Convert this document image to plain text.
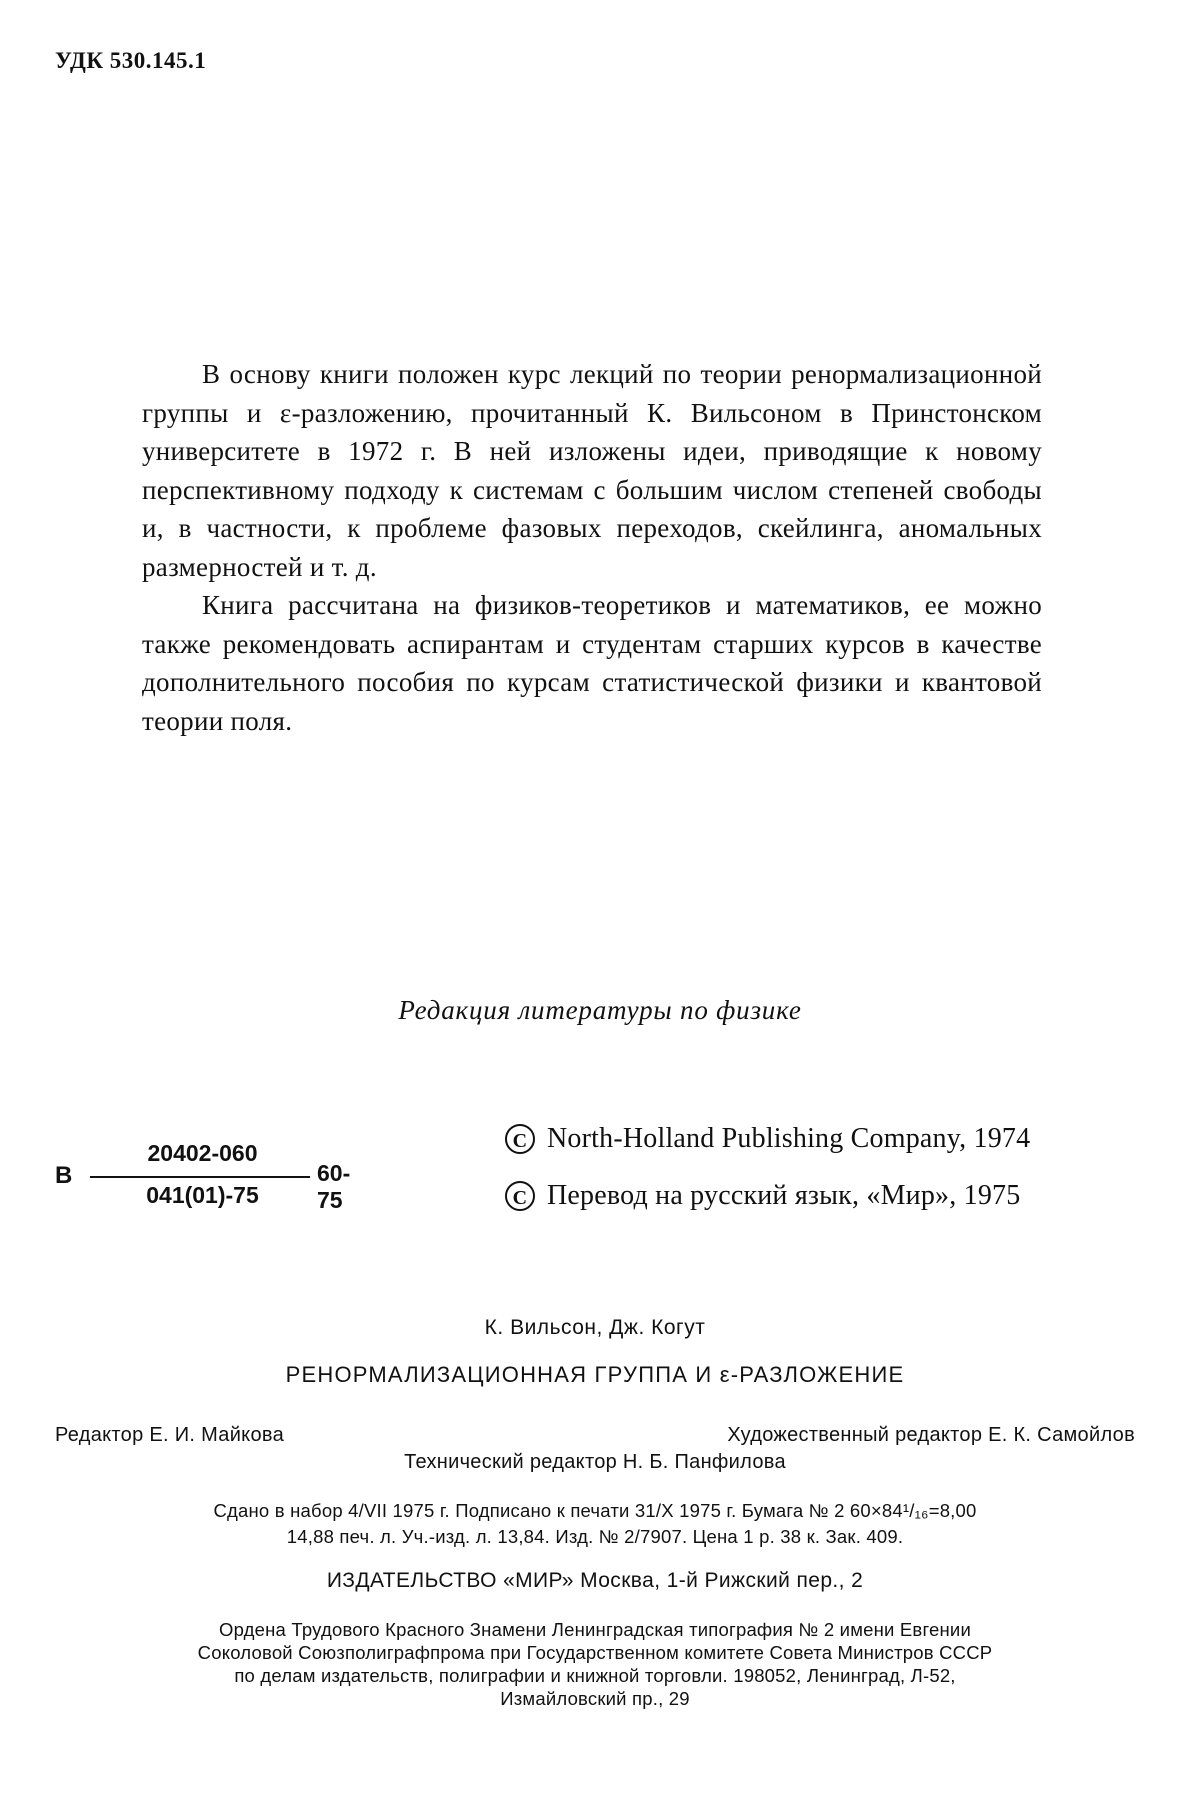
УДК 530.145.1

В основу книги положен курс лекций по теории ренормализационной группы и ε-разложению, прочитанный К. Вильсоном в Принстонском университете в 1972 г. В ней изложены идеи, приводящие к новому перспективному подходу к системам с большим числом степеней свободы и, в частности, к проблеме фазовых переходов, скейлинга, аномальных размерностей и т. д.

Книга рассчитана на физиков-теоретиков и математиков, ее можно также рекомендовать аспирантам и студентам старших курсов в качестве дополнительного пособия по курсам статистической физики и квантовой теории поля.

Редакция литературы по физике
В
20402-060
041(01)-75
60-75
C North-Holland Publishing Company, 1974
C Перевод на русский язык, «Мир», 1975
К. Вильсон, Дж. Когут
РЕНОРМАЛИЗАЦИОННАЯ ГРУППА И ε-РАЗЛОЖЕНИЕ
Редактор Е. И. Майкова	Художественный редактор Е. К. Самойлов
Технический редактор Н. Б. Панфилова
Сдано в набор 4/VII 1975 г. Подписано к печати 31/X 1975 г. Бумага № 2 60×84¹/₁₆=8,00
14,88 печ. л. Уч.-изд. л. 13,84. Изд. № 2/7907. Цена 1 р. 38 к. Зак. 409.
ИЗДАТЕЛЬСТВО «МИР» Москва, 1-й Рижский пер., 2
Ордена Трудового Красного Знамени Ленинградская типография № 2 имени Евгении
Соколовой Союзполиграфпрома при Государственном комитете Совета Министров СССР
по делам издательств, полиграфии и книжной торговли. 198052, Ленинград, Л-52,
Измайловский пр., 29
